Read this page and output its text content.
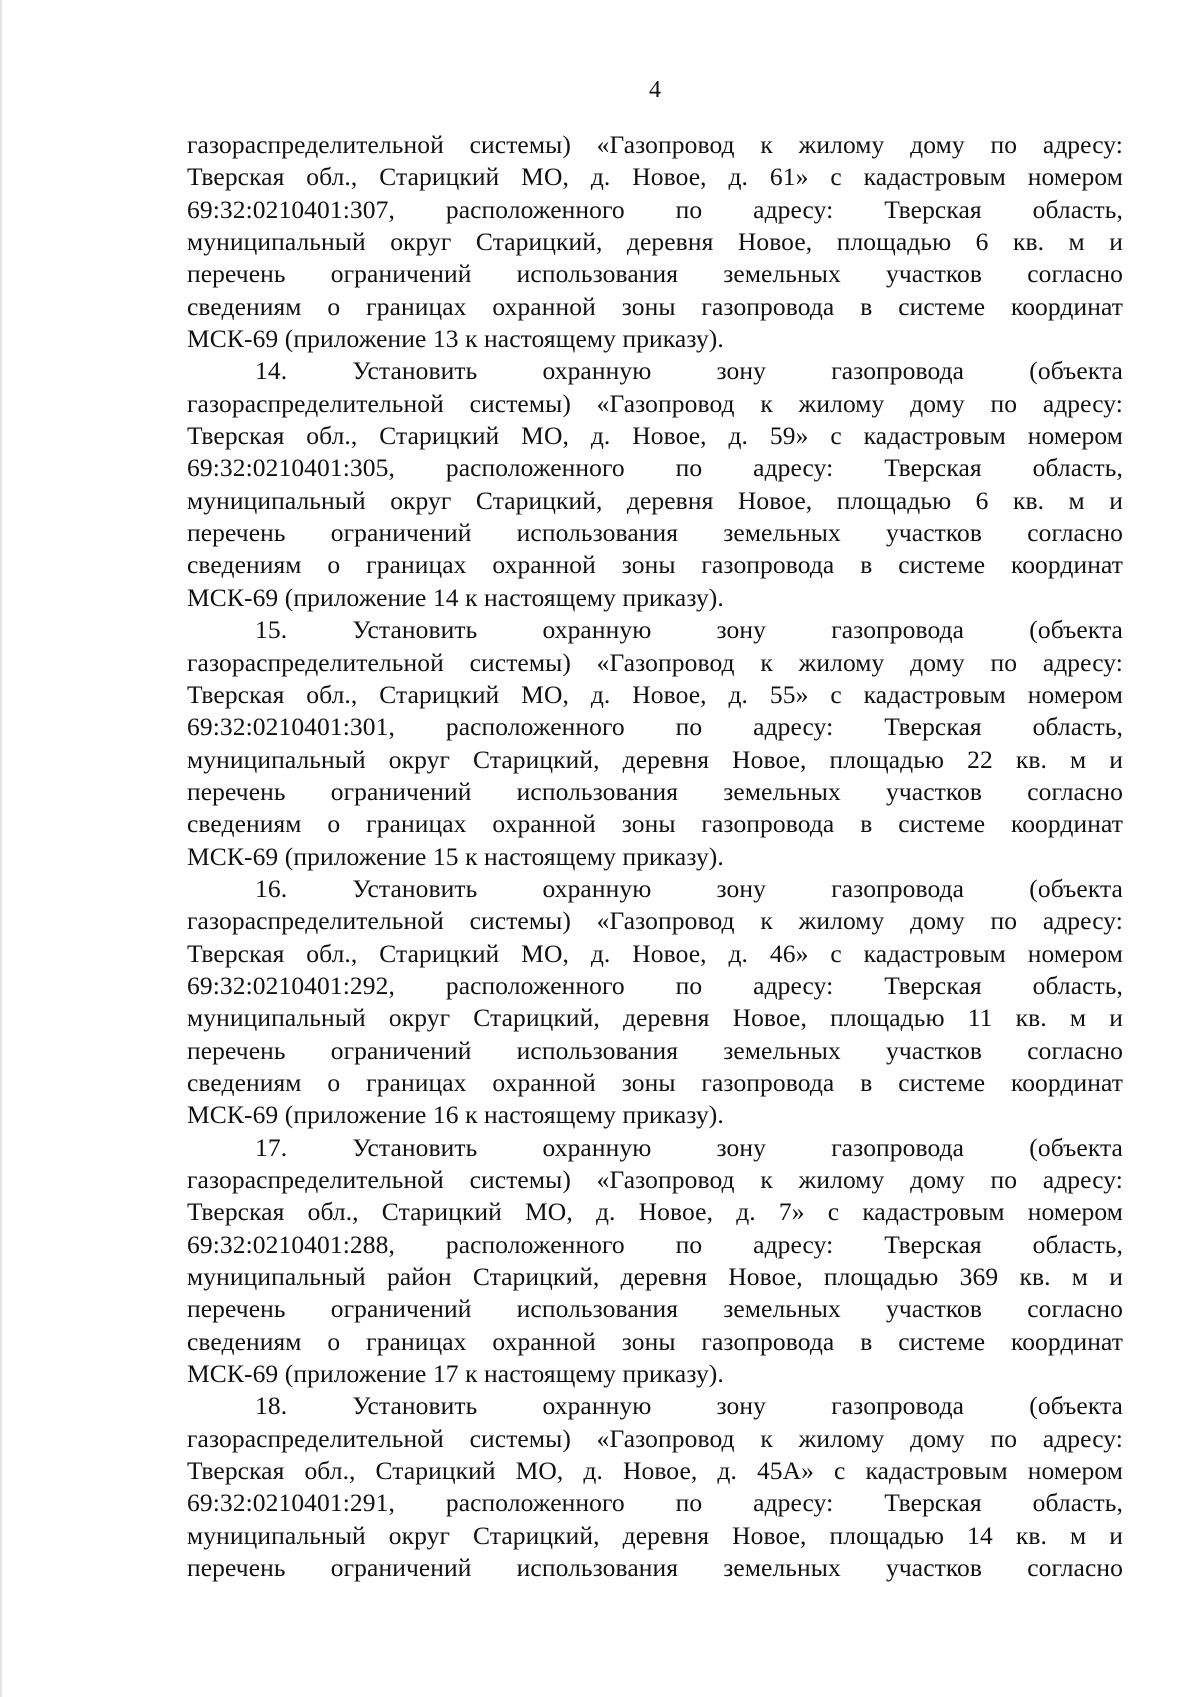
4
газораспределительной системы) «Газопровод к жилому дому по адресу:
Тверская обл., Старицкий МО, д. Новое, д. 61» с кадастровым номером
69:32:0210401:307, расположенного по адресу: Тверская область,
муниципальный округ Старицкий, деревня Новое, площадью 6 кв. м и
перечень ограничений использования земельных участков согласно
сведениям о границах охранной зоны газопровода в системе координат
МСК-69 (приложение 13 к настоящему приказу).
14.	Установить	охранную	зону	газопровода	(объекта
газораспределительной системы) «Газопровод к жилому дому по адресу:
Тверская обл., Старицкий МО, д. Новое, д. 59» с кадастровым номером
69:32:0210401:305, расположенного по адресу: Тверская область,
муниципальный округ Старицкий, деревня Новое, площадью 6 кв. м и
перечень ограничений использования земельных участков согласно
сведениям о границах охранной зоны газопровода в системе координат
МСК-69 (приложение 14 к настоящему приказу).
15.	Установить	охранную	зону	газопровода	(объекта
газораспределительной системы) «Газопровод к жилому дому по адресу:
Тверская обл., Старицкий МО, д. Новое, д. 55» с кадастровым номером
69:32:0210401:301, расположенного по адресу: Тверская область,
муниципальный округ Старицкий, деревня Новое, площадью 22 кв. м и
перечень ограничений использования земельных участков согласно
сведениям о границах охранной зоны газопровода в системе координат
МСК-69 (приложение 15 к настоящему приказу).
16.	Установить	охранную	зону	газопровода	(объекта
газораспределительной системы) «Газопровод к жилому дому по адресу:
Тверская обл., Старицкий МО, д. Новое, д. 46» с кадастровым номером
69:32:0210401:292, расположенного по адресу: Тверская область,
муниципальный округ Старицкий, деревня Новое, площадью 11 кв. м и
перечень ограничений использования земельных участков согласно
сведениям о границах охранной зоны газопровода в системе координат
МСК-69 (приложение 16 к настоящему приказу).
17.	Установить	охранную	зону	газопровода	(объекта
газораспределительной системы) «Газопровод к жилому дому по адресу:
Тверская обл., Старицкий МО, д. Новое, д. 7» с кадастровым номером
69:32:0210401:288, расположенного по адресу: Тверская область,
муниципальный район Старицкий, деревня Новое, площадью 369 кв. м и
перечень ограничений использования земельных участков согласно
сведениям о границах охранной зоны газопровода в системе координат
МСК-69 (приложение 17 к настоящему приказу).
18.	Установить	охранную	зону	газопровода	(объекта
газораспределительной системы) «Газопровод к жилому дому по адресу:
Тверская обл., Старицкий МО, д. Новое, д. 45А» с кадастровым номером
69:32:0210401:291, расположенного по адресу: Тверская область,
муниципальный округ Старицкий, деревня Новое, площадью 14 кв. м и
перечень ограничений использования земельных участков согласно
